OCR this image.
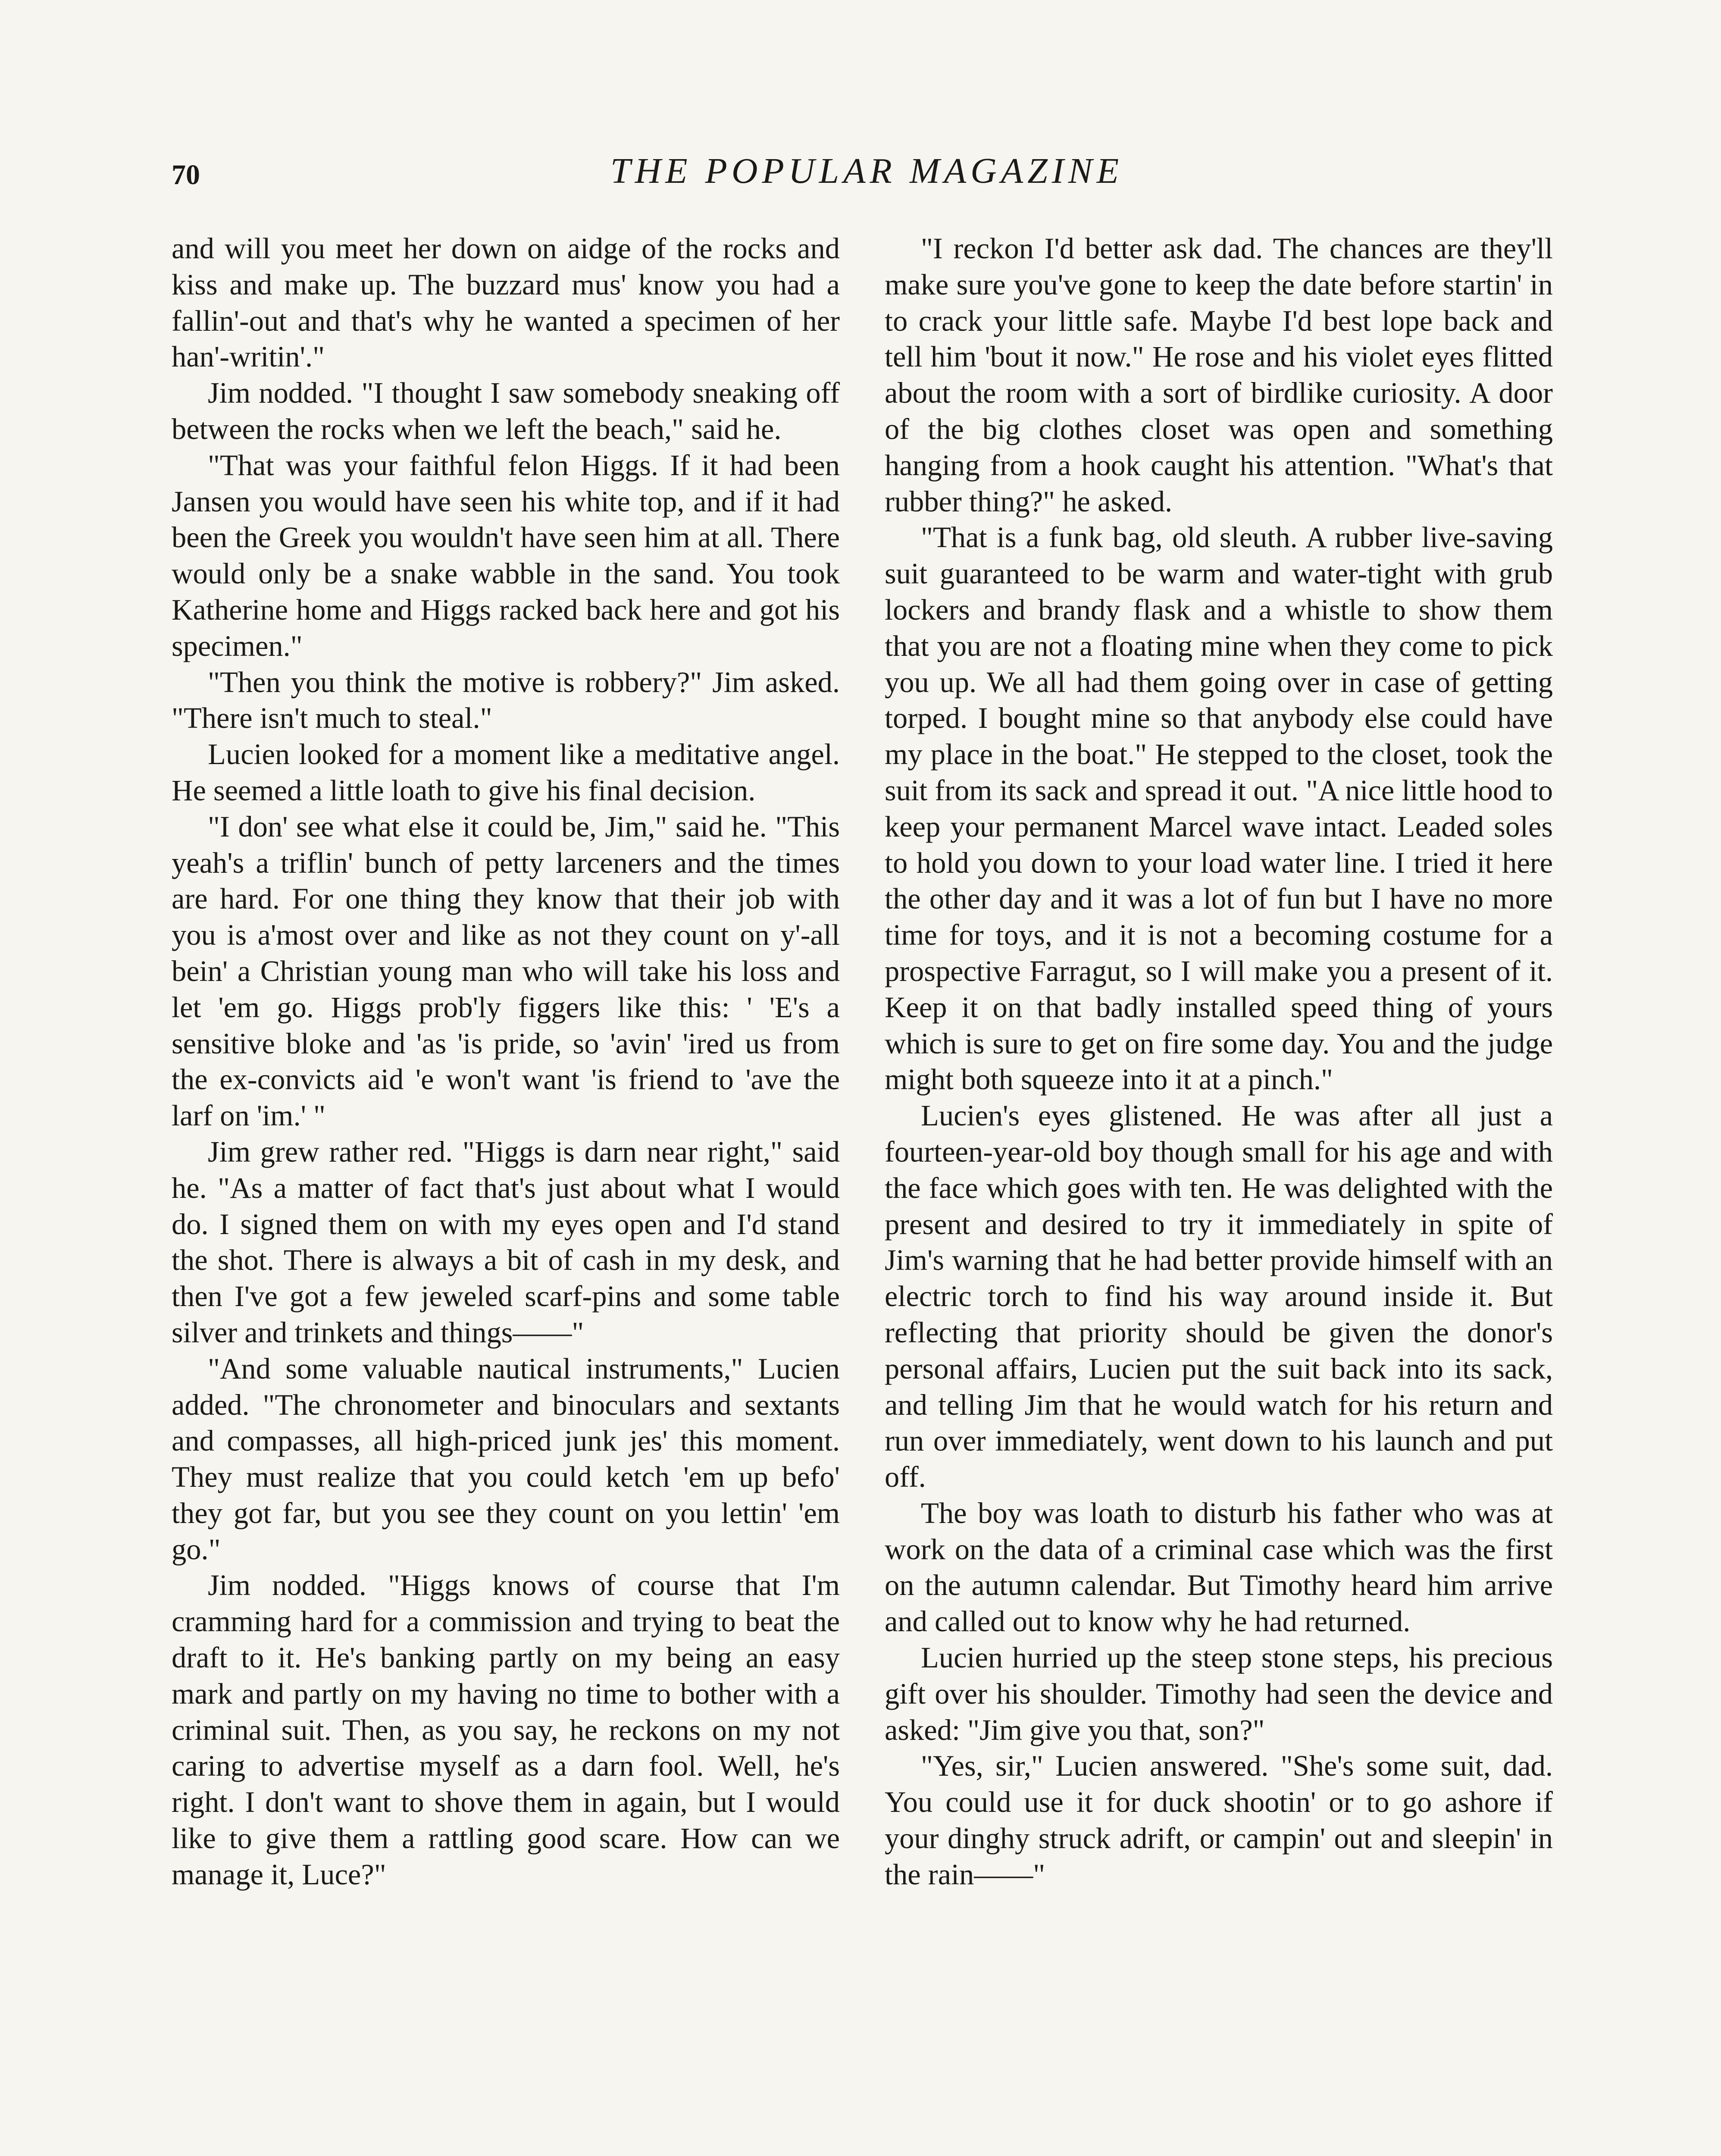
70	THE POPULAR MAGAZINE

and will you meet her down on aidge of the rocks and kiss and make up. The buzzard mus' know you had a fallin'-out and that's why he wanted a specimen of her han'-writin'."

Jim nodded. "I thought I saw somebody sneaking off between the rocks when we left the beach," said he.

"That was your faithful felon Higgs. If it had been Jansen you would have seen his white top, and if it had been the Greek you wouldn't have seen him at all. There would only be a snake wabble in the sand. You took Katherine home and Higgs racked back here and got his specimen."

"Then you think the motive is robbery?" Jim asked. "There isn't much to steal."

Lucien looked for a moment like a meditative angel. He seemed a little loath to give his final decision.

"I don' see what else it could be, Jim," said he. "This yeah's a triflin' bunch of petty larceners and the times are hard. For one thing they know that their job with you is a'most over and like as not they count on y'-all bein' a Christian young man who will take his loss and let 'em go. Higgs prob'ly figgers like this: ' 'E's a sensitive bloke and 'as 'is pride, so 'avin' 'ired us from the ex-convicts aid 'e won't want 'is friend to 'ave the larf on 'im.' "

Jim grew rather red. "Higgs is darn near right," said he. "As a matter of fact that's just about what I would do. I signed them on with my eyes open and I'd stand the shot. There is always a bit of cash in my desk, and then I've got a few jeweled scarf-pins and some table silver and trinkets and things——"

"And some valuable nautical instruments," Lucien added. "The chronometer and binoculars and sextants and compasses, all high-priced junk jes' this moment. They must realize that you could ketch 'em up befo' they got far, but you see they count on you lettin' 'em go."

Jim nodded. "Higgs knows of course that I'm cramming hard for a commission and trying to beat the draft to it. He's banking partly on my being an easy mark and partly on my having no time to bother with a criminal suit. Then, as you say, he reckons on my not caring to advertise myself as a darn fool. Well, he's right. I don't want to shove them in again, but I would like to give them a rattling good scare. How can we manage it, Luce?"

"I reckon I'd better ask dad. The chances are they'll make sure you've gone to keep the date before startin' in to crack your little safe. Maybe I'd best lope back and tell him 'bout it now." He rose and his violet eyes flitted about the room with a sort of birdlike curiosity. A door of the big clothes closet was open and something hanging from a hook caught his attention. "What's that rubber thing?" he asked.

"That is a funk bag, old sleuth. A rubber live-saving suit guaranteed to be warm and water-tight with grub lockers and brandy flask and a whistle to show them that you are not a floating mine when they come to pick you up. We all had them going over in case of getting torped. I bought mine so that anybody else could have my place in the boat." He stepped to the closet, took the suit from its sack and spread it out. "A nice little hood to keep your permanent Marcel wave intact. Leaded soles to hold you down to your load water line. I tried it here the other day and it was a lot of fun but I have no more time for toys, and it is not a becoming costume for a prospective Farragut, so I will make you a present of it. Keep it on that badly installed speed thing of yours which is sure to get on fire some day. You and the judge might both squeeze into it at a pinch."

Lucien's eyes glistened. He was after all just a fourteen-year-old boy though small for his age and with the face which goes with ten. He was delighted with the present and desired to try it immediately in spite of Jim's warning that he had better provide himself with an electric torch to find his way around inside it. But reflecting that priority should be given the donor's personal affairs, Lucien put the suit back into its sack, and telling Jim that he would watch for his return and run over immediately, went down to his launch and put off.

The boy was loath to disturb his father who was at work on the data of a criminal case which was the first on the autumn calendar. But Timothy heard him arrive and called out to know why he had returned.

Lucien hurried up the steep stone steps, his precious gift over his shoulder. Timothy had seen the device and asked: "Jim give you that, son?"

"Yes, sir," Lucien answered. "She's some suit, dad. You could use it for duck shootin' or to go ashore if your dinghy struck adrift, or campin' out and sleepin' in the rain——"
